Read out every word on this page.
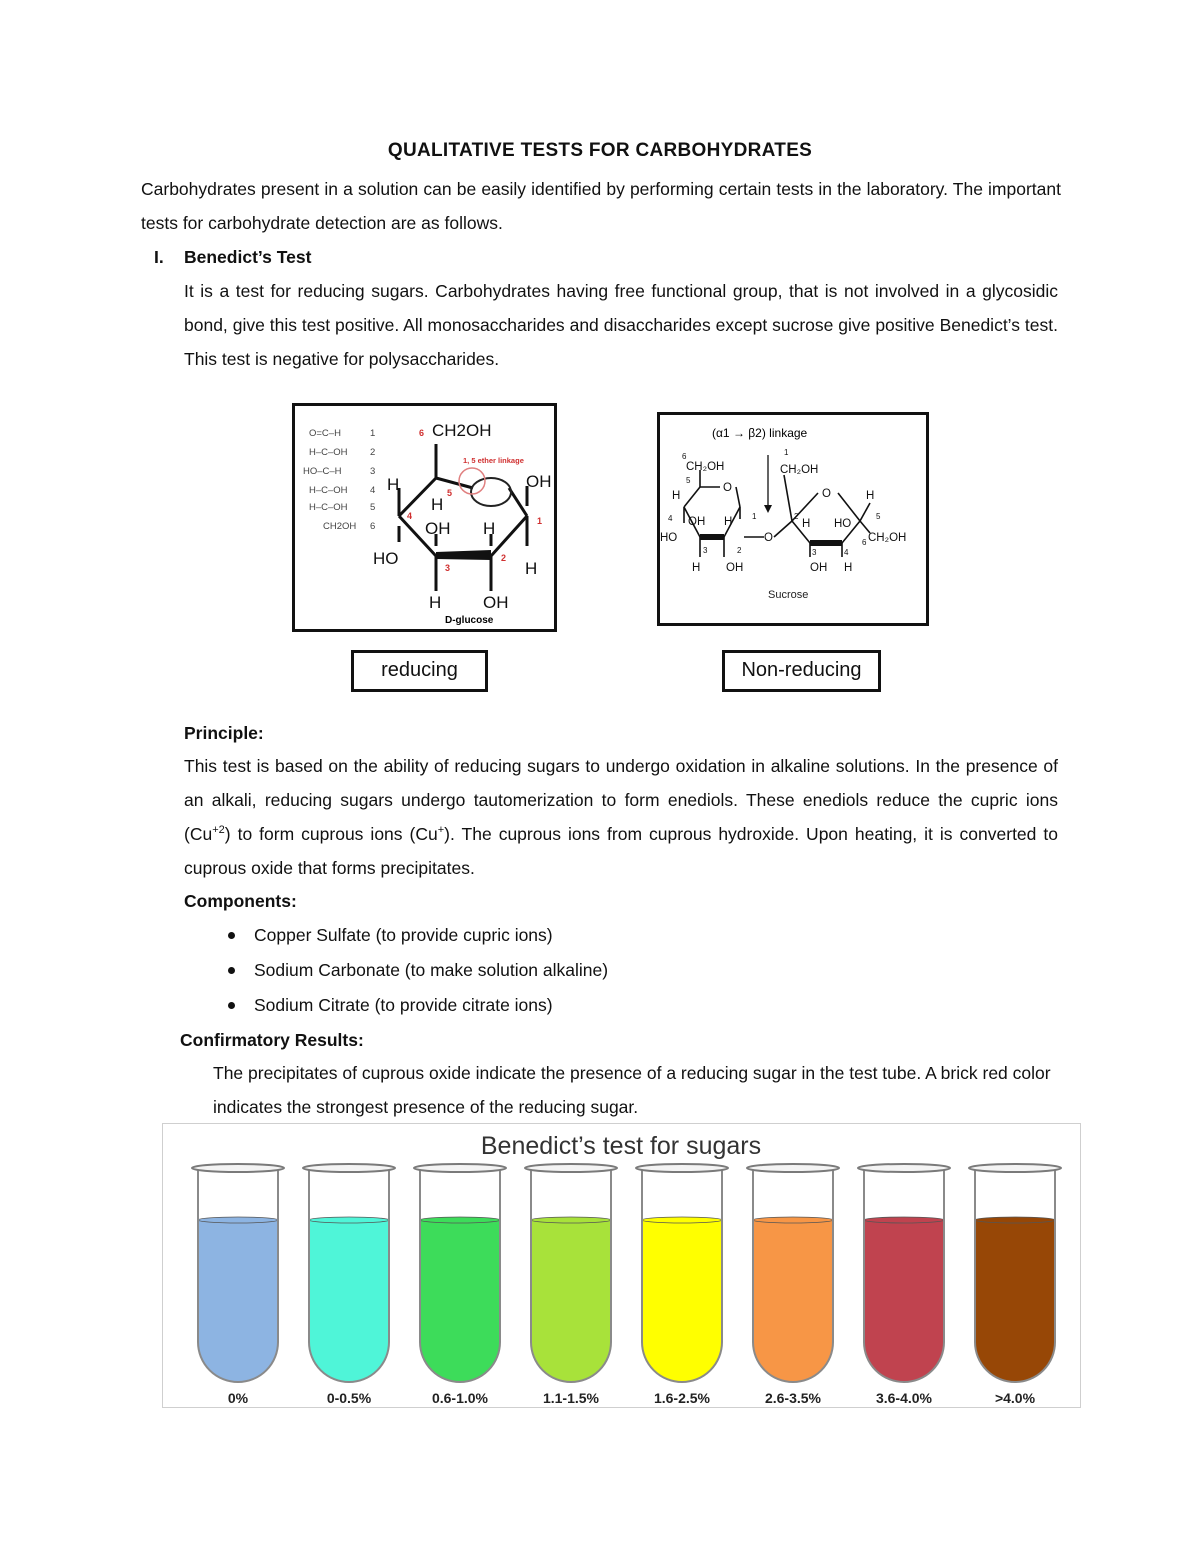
QUALITATIVE TESTS FOR CARBOHYDRATES
Carbohydrates present in a solution can be easily identified by performing certain tests in the laboratory. The important tests for carbohydrate detection are as follows.
I. Benedict’s Test
It is a test for reducing sugars. Carbohydrates having free functional group, that is not involved in a glycosidic bond, give this test positive. All monosaccharides and disaccharides except sucrose give positive Benedict’s test. This test is negative for polysaccharides.
O=C–H
H–C–OH
HO–C–H
H–C–OH
H–C–OH
CH2OH
1
2
3
4
5
6
CH2OH
H
H
OH
OH H
HO
H
H OH
6
5
4
3
2
1
1, 5 ether linkage
D-glucose
(α1 → β2) linkage
CH₂OH
O
H
OH H
HO
H OH
O
CH₂OH
O	H
H HO
CH₂OH
OH H
6
5
4
3	2
1
1
2
3	4
5
6
Sucrose
reducing	Non-reducing
Principle:
This test is based on the ability of reducing sugars to undergo oxidation in alkaline solutions. In the presence of an alkali, reducing sugars undergo tautomerization to form enediols. These enediols reduce the cupric ions $(Cu^{+2})$ to form cuprous ions (Cu+). The cuprous ions from cuprous hydroxide. Upon heating, it is converted to cuprous oxide that forms precipitates.
Components:
Copper Sulfate (to provide cupric ions)
Sodium Carbonate (to make solution alkaline)
Sodium Citrate (to provide citrate ions)
Confirmatory Results:
The precipitates of cuprous oxide indicate the presence of a reducing sugar in the test tube. A brick red color indicates the strongest presence of the reducing sugar.
Benedict’s test for sugars
0%	0-0.5%	0.6-1.0%	1.1-1.5%	1.6-2.5%	2.6-3.5%	3.6-4.0%	>4.0%
